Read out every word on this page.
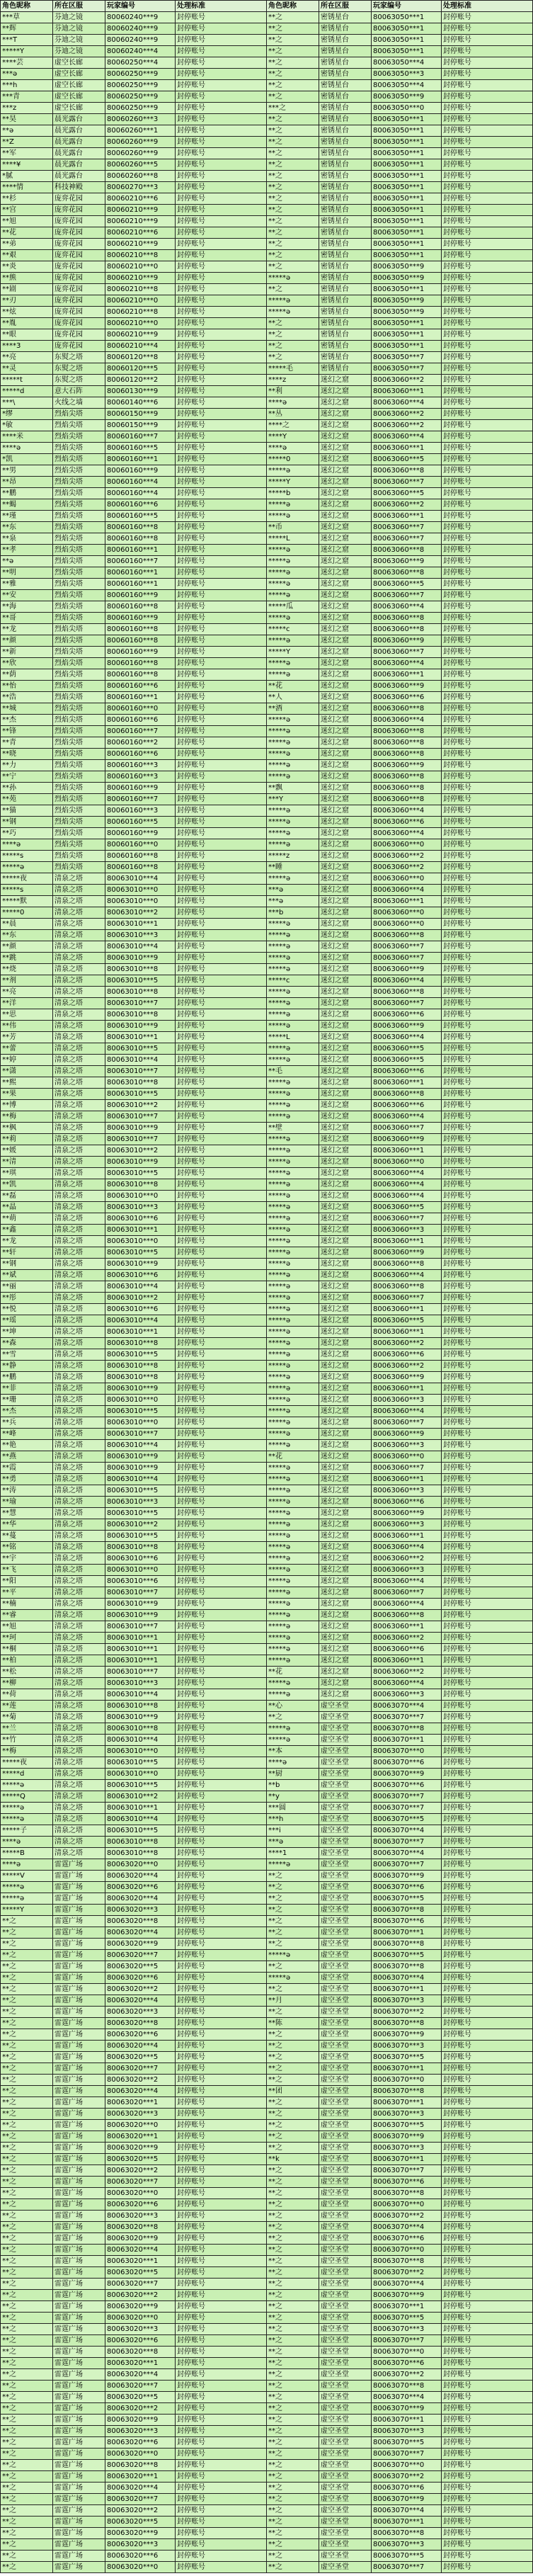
角色昵称	所在区服	玩家编号	处理标准	角色昵称	所在区服	玩家编号	处理标准
***草	芬迪之镜	80060240***9	封停账号	**之	密锈星台	80063050***1	封停账号
**辉	芬迪之镜	80060240***9	封停账号	**之	密锈星台	80063050***1	封停账号
***T	芬迪之镜	80060240***9	封停账号	**之	密锈星台	80063050***1	封停账号
*****Y	芬迪之镜	80060240***4	封停账号	**之	密锈星台	80063050***1	封停账号
****芸	虚空长廊	80060250***4	封停账号	**之	密锈星台	80063050***4	封停账号
***ǝ	虚空长廊	80060250***9	封停账号	**之	密锈星台	80063050***3	封停账号
***h	虚空长廊	80060250***9	封停账号	**之	密锈星台	80063050***4	封停账号
***青	虚空长廊	80060250***9	封停账号	**之	密锈星台	80063050***9	封停账号
***z	虚空长廊	80060250***9	封停账号	***之	密锈星台	80063050***0	封停账号
**昊	晨光露台	80060260***3	封停账号	**之	密锈星台	80063050***1	封停账号
**ǝ	晨光露台	80060260***1	封停账号	**之	密锈星台	80063050***1	封停账号
**Z	晨光露台	80060260***9	封停账号	**之	密锈星台	80063050***1	封停账号
**军	晨光露台	80060260***9	封停账号	**之	密锈星台	80063050***1	封停账号
****¥	晨光露台	80060260***5	封停账号	**之	密锈星台	80063050***1	封停账号
*腻	晨光露台	80060260***8	封停账号	**之	密锈星台	80063050***1	封停账号
****情	科技神殿	80060270***3	封停账号	**之	密锈星台	80063050***1	封停账号
**杉	庞弈花园	80060210***6	封停账号	**之	密锈星台	80063050***1	封停账号
**宫	庞弈花园	80060210***9	封停账号	**之	密锈星台	80063050***1	封停账号
**旭	庞弈花园	80060210***9	封停账号	**之	密锈星台	80063050***1	封停账号
**花	庞弈花园	80060210***6	封停账号	**之	密锈星台	80063050***1	封停账号
**弟	庞弈花园	80060210***9	封停账号	**之	密锈星台	80063050***1	封停账号
**艰	庞弈花园	80060210***8	封停账号	**之	密锈星台	80063050***1	封停账号
**炎	庞弈花园	80060210***0	封停账号	**之	密锈星台	80063050***9	封停账号
**熊	庞弈花园	80060210***9	封停账号	*****ǝ	密锈星台	80063050***9	封停账号
**剧	庞弈花园	80060210***8	封停账号	**之	密锈星台	80063050***1	封停账号
**刃	庞弈花园	80060210***0	封停账号	*****ǝ	密锈星台	80063050***9	封停账号
**炫	庞弈花园	80060210***8	封停账号	*****ǝ	密锈星台	80063050***9	封停账号
**胤	庞弈花园	80060210***0	封停账号	**之	密锈星台	80063050***1	封停账号
**眼	庞弈花园	80060210***9	封停账号	**之	密锈星台	80063050***1	封停账号
****3	庞弈花园	80060210***4	封停账号	**之	密锈星台	80063050***1	封停账号
**亮	东熨之塔	80060120***8	封停账号	**之	密锈星台	80063050***7	封停账号
**灵	东熨之塔	80060120***5	封停账号	*****毛	密锈星台	80063050***7	封停账号
*****t	东熨之塔	80060120***2	封停账号	****z	迷幻之窟	80063060***2	封停账号
*****d	意大石阵	80060130***9	封停账号	**利	迷幻之窟	80063060***1	封停账号
***\	火线之墙	80060140***6	封停账号	****ǝ	迷幻之窟	80063060***4	封停账号
*缪	烈焰尖塔	80060150***9	封停账号	**丛	迷幻之窟	80063060***2	封停账号
*敏	烈焰尖塔	80060150***9	封停账号	****之	迷幻之窟	80063060***2	封停账号
****米	烈焰尖塔	80060160***7	封停账号	****Y	迷幻之窟	80063060***4	封停账号
****ǝ	烈焰尖塔	80060160***5	封停账号	****ǝ	迷幻之窟	80063060***1	封停账号
*凯	烈焰尖塔	80060160***1	封停账号	*****0	迷幻之窟	80063060***5	封停账号
**男	烈焰尖塔	80060160***9	封停账号	*****ǝ	迷幻之窟	80063060***8	封停账号
**昂	烈焰尖塔	80060160***4	封停账号	*****Y	迷幻之窟	80063060***7	封停账号
**鹏	烈焰尖塔	80060160***4	封停账号	*****b	迷幻之窟	80063060***5	封停账号
**蝎	烈焰尖塔	80060160***6	封停账号	*****ǝ	迷幻之窟	80063060***2	封停账号
**瑾	烈焰尖塔	80060160***5	封停账号	*****ǝ	迷幻之窟	80063060***1	封停账号
**东	烈焰尖塔	80060160***8	封停账号	**币	迷幻之窟	80063060***7	封停账号
**泉	烈焰尖塔	80060160***8	封停账号	*****L	迷幻之窟	80063060***7	封停账号
**孝	烈焰尖塔	80060160***1	封停账号	*****ǝ	迷幻之窟	80063060***8	封停账号
**ǝ	烈焰尖塔	80060160***7	封停账号	*****ǝ	迷幻之窟	80063060***9	封停账号
**明	烈焰尖塔	80060160***1	封停账号	*****ǝ	迷幻之窟	80063060***8	封停账号
**雅	烈焰尖塔	80060160***1	封停账号	*****ǝ	迷幻之窟	80063060***5	封停账号
**安	烈焰尖塔	80060160***9	封停账号	*****ǝ	迷幻之窟	80063060***7	封停账号
**海	烈焰尖塔	80060160***8	封停账号	*****瓜	迷幻之窟	80063060***4	封停账号
**哥	烈焰尖塔	80060160***9	封停账号	*****ǝ	迷幻之窟	80063060***8	封停账号
**龙	烈焰尖塔	80060160***8	封停账号	*****c	迷幻之窟	80063060***8	封停账号
**颜	烈焰尖塔	80060160***8	封停账号	*****ǝ	迷幻之窟	80063060***9	封停账号
**新	烈焰尖塔	80060160***9	封停账号	*****Y	迷幻之窟	80063060***7	封停账号
**欣	烈焰尖塔	80060160***8	封停账号	*****ǝ	迷幻之窟	80063060***4	封停账号
**荫	烈焰尖塔	80060160***8	封停账号	*****ǝ	迷幻之窟	80063060***1	封停账号
**怡	烈焰尖塔	80060160***6	封停账号	**花	迷幻之窟	80063060***9	封停账号
**浩	烈焰尖塔	80060160***1	封停账号	**人	迷幻之窟	80063060***6	封停账号
**城	烈焰尖塔	80060160***0	封停账号	**酒	迷幻之窟	80063060***8	封停账号
**杰	烈焰尖塔	80060160***6	封停账号	*****ǝ	迷幻之窟	80063060***4	封停账号
**锋	烈焰尖塔	80060160***7	封停账号	*****ǝ	迷幻之窟	80063060***8	封停账号
**青	烈焰尖塔	80060160***2	封停账号	*****ǝ	迷幻之窟	80063060***8	封停账号
**晓	烈焰尖塔	80060160***6	封停账号	*****ǝ	迷幻之窟	80063060***8	封停账号
**力	烈焰尖塔	80060160***3	封停账号	*****ǝ	迷幻之窟	80063060***9	封停账号
**宁	烈焰尖塔	80060160***3	封停账号	*****ǝ	迷幻之窟	80063060***8	封停账号
**孙	烈焰尖塔	80060160***9	封停账号	**飘	迷幻之窟	80063060***8	封停账号
**苑	烈焰尖塔	80060160***7	封停账号	***Y	迷幻之窟	80063060***8	封停账号
**猫	烈焰尖塔	80060160***3	封停账号	*****ǝ	迷幻之窟	80063060***4	封停账号
**钢	烈焰尖塔	80060160***5	封停账号	*****ǝ	迷幻之窟	80063060***6	封停账号
**巧	烈焰尖塔	80060160***9	封停账号	*****ǝ	迷幻之窟	80063060***4	封停账号
****ǝ	烈焰尖塔	80060160***0	封停账号	*****ǝ	迷幻之窟	80063060***0	封停账号
*****s	烈焰尖塔	80060160***8	封停账号	*****z	迷幻之窟	80063060***2	封停账号
*****ǝ	烈焰尖塔	80060160***8	封停账号	**睡	迷幻之窟	80063060***2	封停账号
*****夜	清泉之塔	80063010***4	封停账号	*****ǝ	迷幻之窟	80063060***0	封停账号
*****s	清泉之塔	80063010***0	封停账号	***ǝ	迷幻之窟	80063060***4	封停账号
*****默	清泉之塔	80063010***0	封停账号	***ǝ	迷幻之窟	80063060***1	封停账号
*****0	清泉之塔	80063010***2	封停账号	***b	迷幻之窟	80063060***0	封停账号
**晨	清泉之塔	80063010***1	封停账号	*****ǝ	迷幻之窟	80063060***0	封停账号
**东	清泉之塔	80063010***3	封停账号	*****ǝ	迷幻之窟	80063060***8	封停账号
**颜	清泉之塔	80063010***4	封停账号	*****ǝ	迷幻之窟	80063060***7	封停账号
**跳	清泉之塔	80063010***9	封停账号	*****ǝ	迷幻之窟	80063060***7	封停账号
**烧	清泉之塔	80063010***8	封停账号	*****ǝ	迷幻之窟	80063060***9	封停账号
**剂	清泉之塔	80063010***5	封停账号	*****c	迷幻之窟	80063060***4	封停账号
**亮	清泉之塔	80063010***8	封停账号	*****ǝ	迷幻之窟	80063060***8	封停账号
**洋	清泉之塔	80063010***7	封停账号	*****ǝ	迷幻之窟	80063060***7	封停账号
**思	清泉之塔	80063010***8	封停账号	*****ǝ	迷幻之窟	80063060***6	封停账号
**伟	清泉之塔	80063010***9	封停账号	*****ǝ	迷幻之窟	80063060***9	封停账号
**芳	清泉之塔	80063010***1	封停账号	*****L	迷幻之窟	80063060***4	封停账号
**蕾	清泉之塔	80063010***5	封停账号	*****ǝ	迷幻之窟	80063060***5	封停账号
**婷	清泉之塔	80063010***4	封停账号	*****ǝ	迷幻之窟	80063060***5	封停账号
**潇	清泉之塔	80063010***7	封停账号	**毛	迷幻之窟	80063060***6	封停账号
**熙	清泉之塔	80063010***8	封停账号	*****ǝ	迷幻之窟	80063060***1	封停账号
**果	清泉之塔	80063010***5	封停账号	*****ǝ	迷幻之窟	80063060***8	封停账号
**博	清泉之塔	80063010***2	封停账号	*****ǝ	迷幻之窟	80063060***6	封停账号
**梅	清泉之塔	80063010***7	封停账号	*****ǝ	迷幻之窟	80063060***4	封停账号
**枫	清泉之塔	80063010***9	封停账号	**壁	迷幻之窟	80063060***7	封停账号
**莉	清泉之塔	80063010***7	封停账号	*****ǝ	迷幻之窟	80063060***9	封停账号
**媛	清泉之塔	80063010***2	封停账号	*****ǝ	迷幻之窟	80063060***1	封停账号
**清	清泉之塔	80063010***9	封停账号	*****ǝ	迷幻之窟	80063060***0	封停账号
**琪	清泉之塔	80063010***5	封停账号	*****ǝ	迷幻之窟	80063060***4	封停账号
**凯	清泉之塔	80063010***8	封停账号	*****ǝ	迷幻之窟	80063060***4	封停账号
**磊	清泉之塔	80063010***0	封停账号	*****ǝ	迷幻之窟	80063060***4	封停账号
**晶	清泉之塔	80063010***3	封停账号	*****ǝ	迷幻之窟	80063060***5	封停账号
**萌	清泉之塔	80063010***6	封停账号	*****ǝ	迷幻之窟	80063060***7	封停账号
**鑫	清泉之塔	80063010***1	封停账号	*****ǝ	迷幻之窟	80063060***3	封停账号
**龙	清泉之塔	80063010***0	封停账号	*****ǝ	迷幻之窟	80063060***1	封停账号
**轩	清泉之塔	80063010***5	封停账号	*****ǝ	迷幻之窟	80063060***9	封停账号
**钢	清泉之塔	80063010***9	封停账号	*****ǝ	迷幻之窟	80063060***8	封停账号
**斌	清泉之塔	80063010***6	封停账号	*****ǝ	迷幻之窟	80063060***4	封停账号
**丽	清泉之塔	80063010***4	封停账号	*****ǝ	迷幻之窟	80063060***8	封停账号
**彤	清泉之塔	80063010***2	封停账号	*****ǝ	迷幻之窟	80063060***7	封停账号
**悦	清泉之塔	80063010***6	封停账号	*****ǝ	迷幻之窟	80063060***1	封停账号
**瑶	清泉之塔	80063010***4	封停账号	*****ǝ	迷幻之窟	80063060***5	封停账号
**坤	清泉之塔	80063010***1	封停账号	*****ǝ	迷幻之窟	80063060***1	封停账号
**森	清泉之塔	80063010***8	封停账号	*****ǝ	迷幻之窟	80063060***2	封停账号
**雪	清泉之塔	80063010***5	封停账号	*****ǝ	迷幻之窟	80063060***6	封停账号
**静	清泉之塔	80063010***8	封停账号	*****ǝ	迷幻之窟	80063060***2	封停账号
**鹏	清泉之塔	80063010***8	封停账号	*****ǝ	迷幻之窟	80063060***9	封停账号
**菲	清泉之塔	80063010***9	封停账号	*****ǝ	迷幻之窟	80063060***1	封停账号
**珊	清泉之塔	80063010***0	封停账号	*****ǝ	迷幻之窟	80063060***3	封停账号
**杰	清泉之塔	80063010***5	封停账号	*****ǝ	迷幻之窟	80063060***4	封停账号
**兵	清泉之塔	80063010***0	封停账号	*****ǝ	迷幻之窟	80063060***7	封停账号
**峰	清泉之塔	80063010***7	封停账号	*****ǝ	迷幻之窟	80063060***9	封停账号
**艳	清泉之塔	80063010***4	封停账号	*****ǝ	迷幻之窟	80063060***3	封停账号
**燕	清泉之塔	80063010***9	封停账号	**花	迷幻之窟	80063060***0	封停账号
**霞	清泉之塔	80063010***9	封停账号	*****ǝ	迷幻之窟	80063060***7	封停账号
**勇	清泉之塔	80063010***4	封停账号	*****ǝ	迷幻之窟	80063060***1	封停账号
**涛	清泉之塔	80063010***5	封停账号	*****ǝ	迷幻之窟	80063060***3	封停账号
**瑜	清泉之塔	80063010***3	封停账号	*****ǝ	迷幻之窟	80063060***6	封停账号
**慧	清泉之塔	80063010***5	封停账号	*****ǝ	迷幻之窟	80063060***9	封停账号
**华	清泉之塔	80063010***2	封停账号	*****ǝ	迷幻之窟	80063060***3	封停账号
**蔓	清泉之塔	80063010***5	封停账号	*****ǝ	迷幻之窟	80063060***1	封停账号
**铭	清泉之塔	80063010***8	封停账号	*****ǝ	迷幻之窟	80063060***4	封停账号
**宇	清泉之塔	80063010***6	封停账号	*****ǝ	迷幻之窟	80063060***2	封停账号
**飞	清泉之塔	80063010***0	封停账号	*****ǝ	迷幻之窟	80063060***3	封停账号
**阳	清泉之塔	80063010***6	封停账号	*****ǝ	迷幻之窟	80063060***4	封停账号
**平	清泉之塔	80063010***7	封停账号	*****ǝ	迷幻之窟	80063060***7	封停账号
**楠	清泉之塔	80063010***9	封停账号	*****ǝ	迷幻之窟	80063060***4	封停账号
**睿	清泉之塔	80063010***9	封停账号	*****ǝ	迷幻之窟	80063060***8	封停账号
**旭	清泉之塔	80063010***7	封停账号	*****ǝ	迷幻之窟	80063060***1	封停账号
**珂	清泉之塔	80063010***1	封停账号	*****ǝ	迷幻之窟	80063060***2	封停账号
**桐	清泉之塔	80063010***1	封停账号	*****ǝ	迷幻之窟	80063060***6	封停账号
**柏	清泉之塔	80063010***1	封停账号	*****ǝ	迷幻之窟	80063060***1	封停账号
**松	清泉之塔	80063010***7	封停账号	**花	迷幻之窟	80063060***2	封停账号
**柳	清泉之塔	80063010***3	封停账号	*****ǝ	迷幻之窟	80063060***4	封停账号
**荷	清泉之塔	80063010***4	封停账号	*****ǝ	迷幻之窟	80063060***3	封停账号
**莲	清泉之塔	80063010***8	封停账号	**心	虚空圣堂	80063070***4	封停账号
**菊	清泉之塔	80063010***9	封停账号	**之	虚空圣堂	80063070***7	封停账号
**兰	清泉之塔	80063010***8	封停账号	*****ǝ	虚空圣堂	80063070***8	封停账号
**竹	清泉之塔	80063010***4	封停账号	*****ǝ	虚空圣堂	80063070***1	封停账号
**梅	清泉之塔	80063010***0	封停账号	**本	虚空圣堂	80063070***0	封停账号
*****夜	清泉之塔	80063010***5	封停账号	****ǝ	虚空圣堂	80063070***6	封停账号
*****d	清泉之塔	80063010***0	封停账号	**厨	虚空圣堂	80063070***9	封停账号
*****ǝ	清泉之塔	80063010***5	封停账号	**b	虚空圣堂	80063070***6	封停账号
*****Q	清泉之塔	80063010***2	封停账号	**y	虚空圣堂	80063070***7	封停账号
*****ǝ	清泉之塔	80063010***1	封停账号	***圆	虚空圣堂	80063070***7	封停账号
*****ǝ	清泉之塔	80063010***4	封停账号	***h	虚空圣堂	80063070***5	封停账号
*****子	清泉之塔	80063010***5	封停账号	***i	虚空圣堂	80063070***4	封停账号
****ǝ	清泉之塔	80063010***8	封停账号	***ǝ	虚空圣堂	80063070***7	封停账号
*****B	清泉之塔	80063010***8	封停账号	****1	虚空圣堂	80063070***4	封停账号
****ǝ	雷霆广场	80063020***0	封停账号	*****ǝ	虚空圣堂	80063070***7	封停账号
*****V	雷霆广场	80063020***4	封停账号	**之	虚空圣堂	80063070***9	封停账号
*****ǝ	雷霆广场	80063020***6	封停账号	**之	虚空圣堂	80063070***6	封停账号
*****ǝ	雷霆广场	80063020***4	封停账号	**之	虚空圣堂	80063070***5	封停账号
*****Y	雷霆广场	80063020***3	封停账号	**之	虚空圣堂	80063070***8	封停账号
**之	雷霆广场	80063020***8	封停账号	**之	虚空圣堂	80063070***6	封停账号
**之	雷霆广场	80063020***4	封停账号	**之	虚空圣堂	80063070***1	封停账号
**之	雷霆广场	80063020***9	封停账号	**之	虚空圣堂	80063070***8	封停账号
**之	雷霆广场	80063020***7	封停账号	*****ǝ	虚空圣堂	80063070***5	封停账号
**之	雷霆广场	80063020***5	封停账号	**之	虚空圣堂	80063070***8	封停账号
**之	雷霆广场	80063020***6	封停账号	*****ǝ	虚空圣堂	80063070***4	封停账号
**之	雷霆广场	80063020***2	封停账号	**之	虚空圣堂	80063070***1	封停账号
**之	雷霆广场	80063020***4	封停账号	**月	虚空圣堂	80063070***3	封停账号
**之	雷霆广场	80063020***3	封停账号	**之	虚空圣堂	80063070***2	封停账号
**之	雷霆广场	80063020***8	封停账号	**陈	虚空圣堂	80063070***8	封停账号
**之	雷霆广场	80063020***6	封停账号	**之	虚空圣堂	80063070***9	封停账号
**之	雷霆广场	80063020***4	封停账号	**之	虚空圣堂	80063070***3	封停账号
**之	雷霆广场	80063020***5	封停账号	**之	虚空圣堂	80063070***5	封停账号
**之	雷霆广场	80063020***7	封停账号	**之	虚空圣堂	80063070***1	封停账号
**之	雷霆广场	80063020***2	封停账号	**之	虚空圣堂	80063070***0	封停账号
**之	雷霆广场	80063020***4	封停账号	**团	虚空圣堂	80063070***8	封停账号
**之	雷霆广场	80063020***1	封停账号	**之	虚空圣堂	80063070***1	封停账号
**之	雷霆广场	80063020***3	封停账号	**之	虚空圣堂	80063070***3	封停账号
**之	雷霆广场	80063020***0	封停账号	**之	虚空圣堂	80063070***5	封停账号
**之	雷霆广场	80063020***1	封停账号	**之	虚空圣堂	80063070***9	封停账号
**之	雷霆广场	80063020***9	封停账号	**之	虚空圣堂	80063070***3	封停账号
**之	雷霆广场	80063020***5	封停账号	**k	虚空圣堂	80063070***1	封停账号
**之	雷霆广场	80063020***2	封停账号	**之	虚空圣堂	80063070***7	封停账号
**之	雷霆广场	80063020***7	封停账号	**之	虚空圣堂	80063070***6	封停账号
**之	雷霆广场	80063020***0	封停账号	**之	虚空圣堂	80063070***8	封停账号
**之	雷霆广场	80063020***6	封停账号	**之	虚空圣堂	80063070***0	封停账号
**之	雷霆广场	80063020***3	封停账号	**之	虚空圣堂	80063070***2	封停账号
**之	雷霆广场	80063020***8	封停账号	**之	虚空圣堂	80063070***4	封停账号
**之	雷霆广场	80063020***9	封停账号	**之	虚空圣堂	80063070***6	封停账号
**之	雷霆广场	80063020***4	封停账号	**之	虚空圣堂	80063070***0	封停账号
**之	雷霆广场	80063020***1	封停账号	**之	虚空圣堂	80063070***8	封停账号
**之	雷霆广场	80063020***5	封停账号	**之	虚空圣堂	80063070***2	封停账号
**之	雷霆广场	80063020***7	封停账号	**之	虚空圣堂	80063070***4	封停账号
**之	雷霆广场	80063020***2	封停账号	**之	虚空圣堂	80063070***9	封停账号
**之	雷霆广场	80063020***9	封停账号	**之	虚空圣堂	80063070***1	封停账号
**之	雷霆广场	80063020***0	封停账号	**之	虚空圣堂	80063070***5	封停账号
**之	雷霆广场	80063020***3	封停账号	**之	虚空圣堂	80063070***3	封停账号
**之	雷霆广场	80063020***6	封停账号	**之	虚空圣堂	80063070***7	封停账号
**之	雷霆广场	80063020***8	封停账号	**之	虚空圣堂	80063070***0	封停账号
**之	雷霆广场	80063020***1	封停账号	**之	虚空圣堂	80063070***6	封停账号
**之	雷霆广场	80063020***4	封停账号	**之	虚空圣堂	80063070***2	封停账号
**之	雷霆广场	80063020***7	封停账号	**之	虚空圣堂	80063070***8	封停账号
**之	雷霆广场	80063020***5	封停账号	**之	虚空圣堂	80063070***4	封停账号
**之	雷霆广场	80063020***2	封停账号	**之	虚空圣堂	80063070***9	封停账号
**之	雷霆广场	80063020***9	封停账号	**之	虚空圣堂	80063070***1	封停账号
**之	雷霆广场	80063020***3	封停账号	**之	虚空圣堂	80063070***3	封停账号
**之	雷霆广场	80063020***6	封停账号	**之	虚空圣堂	80063070***5	封停账号
**之	雷霆广场	80063020***0	封停账号	**之	虚空圣堂	80063070***7	封停账号
**之	雷霆广场	80063020***8	封停账号	**之	虚空圣堂	80063070***0	封停账号
**之	雷霆广场	80063020***1	封停账号	**之	虚空圣堂	80063070***2	封停账号
**之	雷霆广场	80063020***4	封停账号	**之	虚空圣堂	80063070***6	封停账号
**之	雷霆广场	80063020***7	封停账号	**之	虚空圣堂	80063070***9	封停账号
**之	雷霆广场	80063020***2	封停账号	**之	虚空圣堂	80063070***4	封停账号
**之	雷霆广场	80063020***5	封停账号	**之	虚空圣堂	80063070***1	封停账号
**之	雷霆广场	80063020***9	封停账号	**之	虚空圣堂	80063070***8	封停账号
**之	雷霆广场	80063020***3	封停账号	**之	虚空圣堂	80063070***3	封停账号
**之	雷霆广场	80063020***6	封停账号	**之	虚空圣堂	80063070***5	封停账号
**之	雷霆广场	80063020***0	封停账号	**之	虚空圣堂	80063070***7	封停账号
